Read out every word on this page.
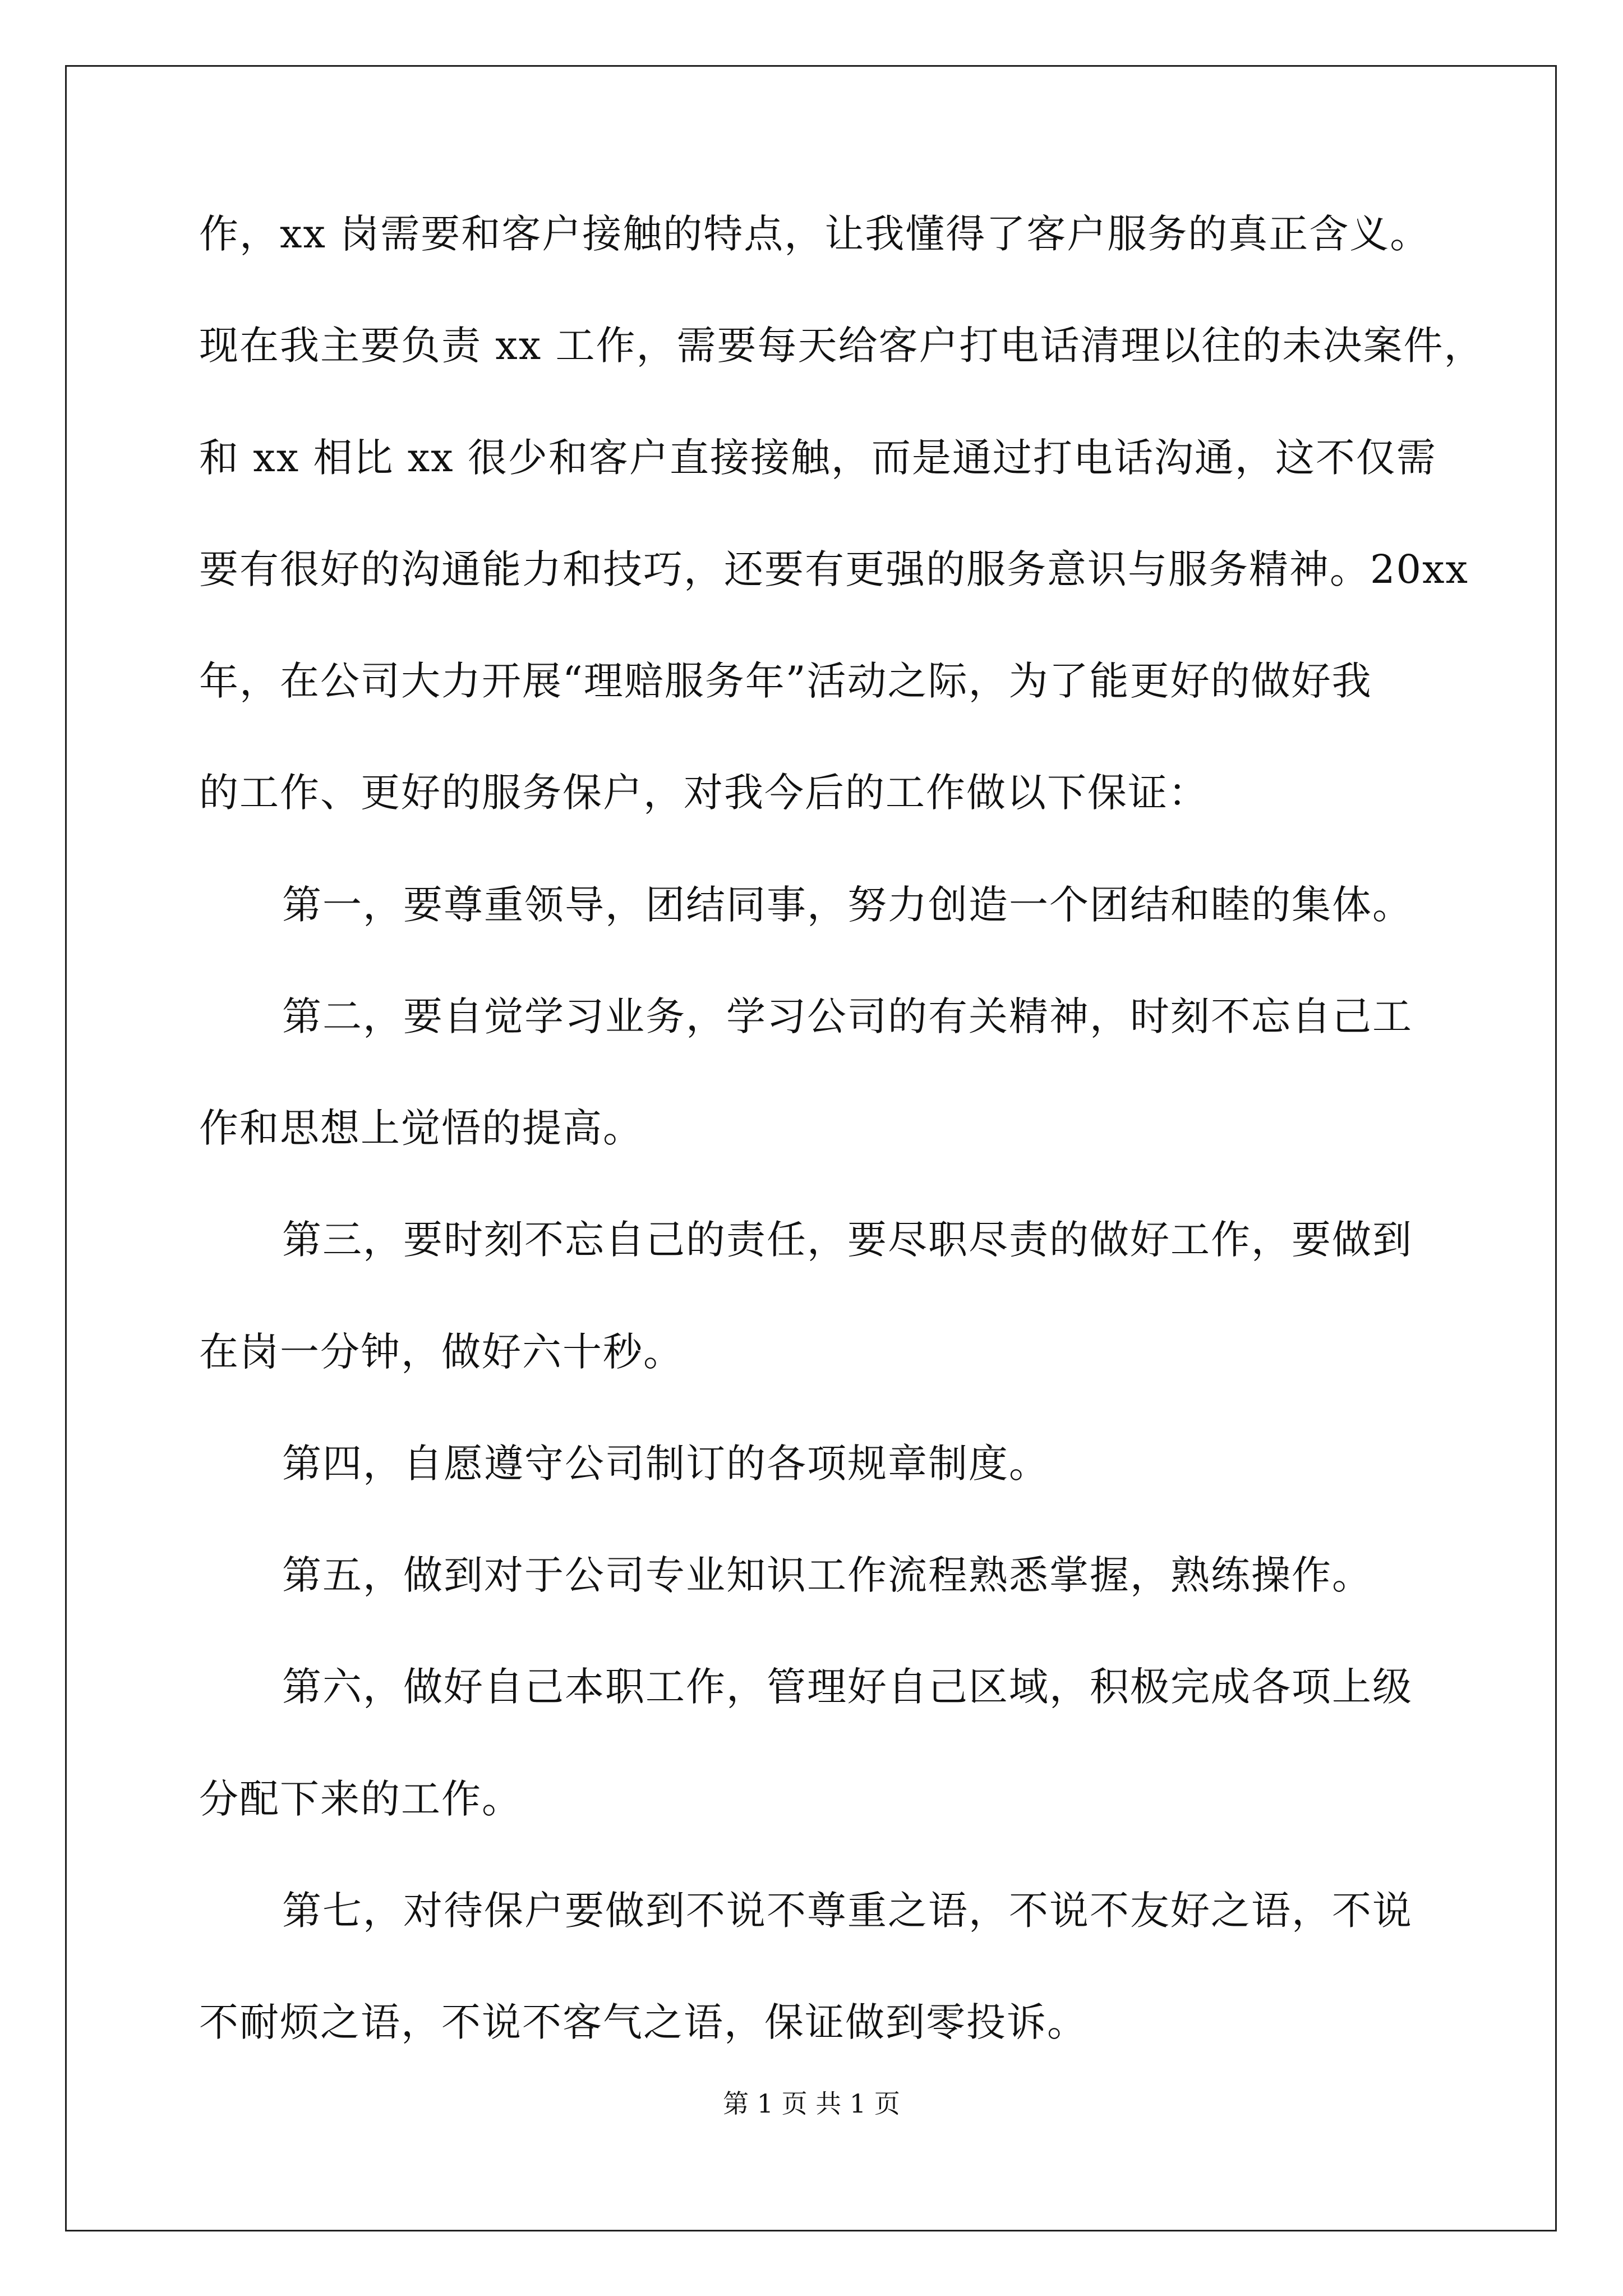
作，xx 岗需要和客户接触的特点，让我懂得了客户服务的真正含义。
现在我主要负责 xx 工作，需要每天给客户打电话清理以往的未决案件，
和 xx 相比 xx 很少和客户直接接触，而是通过打电话沟通，这不仅需
要有很好的沟通能力和技巧，还要有更强的服务意识与服务精神。20xx
年，在公司大力开展“理赔服务年”活动之际，为了能更好的做好我
的工作、更好的服务保户，对我今后的工作做以下保证：
第一，要尊重领导，团结同事，努力创造一个团结和睦的集体。
第二，要自觉学习业务，学习公司的有关精神，时刻不忘自己工
作和思想上觉悟的提高。
第三，要时刻不忘自己的责任，要尽职尽责的做好工作，要做到
在岗一分钟，做好六十秒。
第四，自愿遵守公司制订的各项规章制度。
第五，做到对于公司专业知识工作流程熟悉掌握，熟练操作。
第六，做好自己本职工作，管理好自己区域，积极完成各项上级
分配下来的工作。
第七，对待保户要做到不说不尊重之语，不说不友好之语，不说
不耐烦之语，不说不客气之语，保证做到零投诉。
第 1 页 共 1 页
